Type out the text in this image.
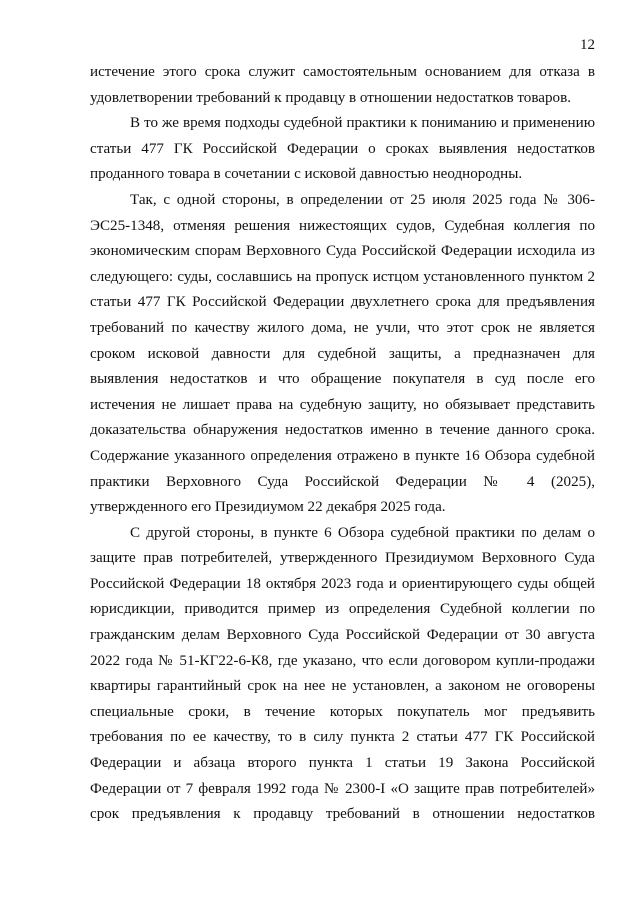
12

истечение этого срока служит самостоятельным основанием для отказа в
удовлетворении требований к продавцу в отношении недостатков товаров.

В то же время подходы судебной практики к пониманию и применению
статьи 477 ГК Российской Федерации о сроках выявления недостатков
проданного товара в сочетании с исковой давностью неоднородны.

Так, с одной стороны, в определении от 25 июля 2025 года № 306-
ЭС25-1348, отменяя решения нижестоящих судов, Судебная коллегия по
экономическим спорам Верховного Суда Российской Федерации исходила из
следующего: суды, сославшись на пропуск истцом установленного пунктом 2
статьи 477 ГК Российской Федерации двухлетнего срока для предъявления
требований по качеству жилого дома, не учли, что этот срок не является
сроком исковой давности для судебной защиты, а предназначен для
выявления недостатков и что обращение покупателя в суд после его
истечения не лишает права на судебную защиту, но обязывает представить
доказательства обнаружения недостатков именно в течение данного срока.
Содержание указанного определения отражено в пункте 16 Обзора судебной
практики Верховного Суда Российской Федерации № 4 (2025),
утвержденного его Президиумом 22 декабря 2025 года.

С другой стороны, в пункте 6 Обзора судебной практики по делам о
защите прав потребителей, утвержденного Президиумом Верховного Суда
Российской Федерации 18 октября 2023 года и ориентирующего суды общей
юрисдикции, приводится пример из определения Судебной коллегии по
гражданским делам Верховного Суда Российской Федерации от 30 августа
2022 года № 51-КГ22-6-К8, где указано, что если договором купли-продажи
квартиры гарантийный срок на нее не установлен, а законом не оговорены
специальные сроки, в течение которых покупатель мог предъявить
требования по ее качеству, то в силу пункта 2 статьи 477 ГК Российской
Федерации и абзаца второго пункта 1 статьи 19 Закона Российской
Федерации от 7 февраля 1992 года № 2300-I «О защите прав потребителей»
срок предъявления к продавцу требований в отношении недостатков
